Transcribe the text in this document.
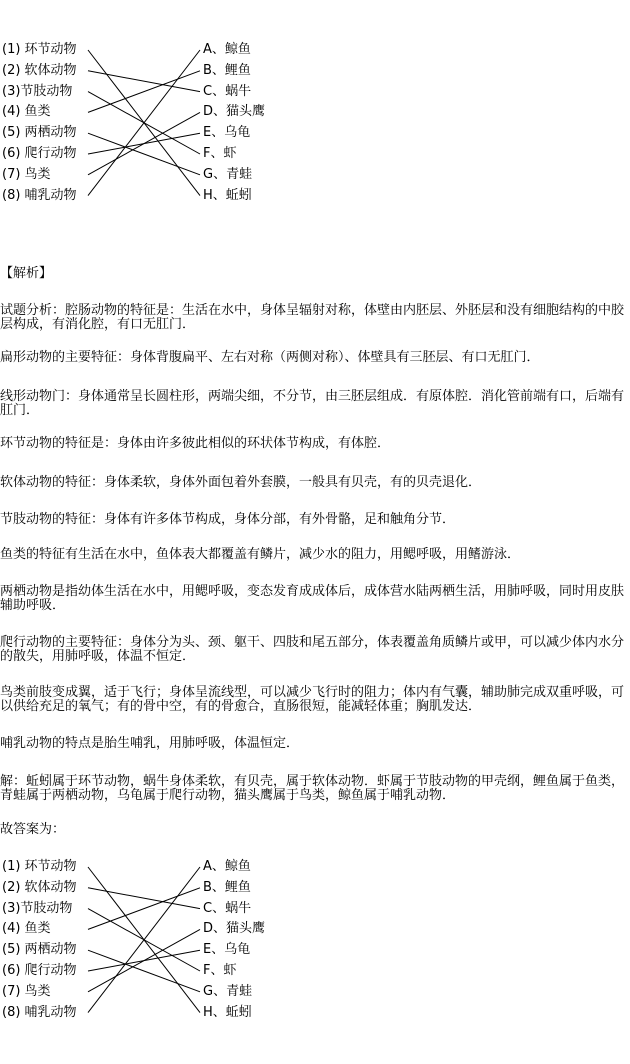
(1) 环节动物
(2) 软体动物
(3)节肢动物
(4) 鱼类
(5) 两栖动物
(6) 爬行动物
(7) 鸟类
(8) 哺乳动物
A、鲸鱼
B、鲤鱼
C、蜗牛
D、猫头鹰
E、乌龟
F、虾
G、青蛙
H、蚯蚓
【解析】
试题分析：腔肠动物的特征是：生活在水中，身体呈辐射对称，体壁由内胚层、外胚层和没有细胞结构的中胶层构成，有消化腔，有口无肛门．
扁形动物的主要特征：身体背腹扁平、左右对称（两侧对称）、体壁具有三胚层、有口无肛门．
线形动物门：身体通常呈长圆柱形，两端尖细，不分节，由三胚层组成．有原体腔．消化管前端有口，后端有肛门．
环节动物的特征是：身体由许多彼此相似的环状体节构成，有体腔．
软体动物的特征：身体柔软，身体外面包着外套膜，一般具有贝壳，有的贝壳退化．
节肢动物的特征：身体有许多体节构成，身体分部，有外骨骼，足和触角分节．
鱼类的特征有生活在水中，鱼体表大都覆盖有鳞片，减少水的阻力，用鳃呼吸，用鳍游泳．
两栖动物是指幼体生活在水中，用鳃呼吸，变态发育成成体后，成体营水陆两栖生活，用肺呼吸，同时用皮肤辅助呼吸．
爬行动物的主要特征：身体分为头、颈、躯干、四肢和尾五部分，体表覆盖角质鳞片或甲，可以减少体内水分的散失，用肺呼吸，体温不恒定．
鸟类前肢变成翼，适于飞行；身体呈流线型，可以减少飞行时的阻力；体内有气囊，辅助肺完成双重呼吸，可以供给充足的氧气；有的骨中空，有的骨愈合，直肠很短，能减轻体重；胸肌发达．
哺乳动物的特点是胎生哺乳，用肺呼吸，体温恒定．
解：蚯蚓属于环节动物，蜗牛身体柔软，有贝壳，属于软体动物．虾属于节肢动物的甲壳纲，鲤鱼属于鱼类，青蛙属于两栖动物，乌龟属于爬行动物，猫头鹰属于鸟类，鲸鱼属于哺乳动物．
故答案为：
(1) 环节动物
(2) 软体动物
(3)节肢动物
(4) 鱼类
(5) 两栖动物
(6) 爬行动物
(7) 鸟类
(8) 哺乳动物
A、鲸鱼
B、鲤鱼
C、蜗牛
D、猫头鹰
E、乌龟
F、虾
G、青蛙
H、蚯蚓
